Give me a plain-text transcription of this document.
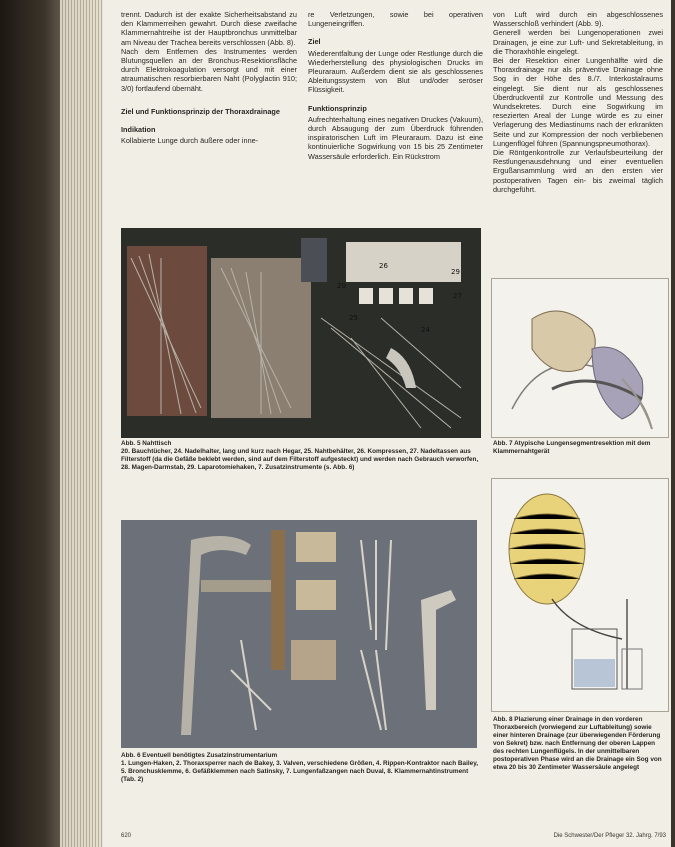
trennt. Dadurch ist der exakte Sicherheitsabstand zu den Klammerreihen gewahrt. Durch diese zweifache Klammernahtreihe ist der Hauptbronchus unmittelbar am Niveau der Trachea bereits verschlossen (Abb. 8).

Nach dem Entfernen des Instrumentes werden Blutungsquellen an der Bronchus-Resektionsfläche durch Elektrokoagulation versorgt und mit einer atraumatischen resorbierbaren Naht (Polyglactin 910; 3/0) fortlaufend übernäht.

Ziel und Funktionsprinzip der Thoraxdrainage

Indikation

Kollabierte Lunge durch äußere oder inne-

re Verletzungen, sowie bei operativen Lungeneingriffen.

Ziel

Wiederentfaltung der Lunge oder Restlunge durch die Wiederherstellung des physiologischen Drucks im Pleuraraum. Außerdem dient sie als geschlossenes Ableitungssystem von Blut und/oder seröser Flüssigkeit.

Funktionsprinzip

Aufrechterhaltung eines negativen Druckes (Vakuum), durch Absaugung der zum Überdruck führenden inspiratorischen Luft im Pleuraraum. Dazu ist eine kontinuierliche Sogwirkung von 15 bis 25 Zentimeter Wassersäule erforderlich. Ein Rückstrom

von Luft wird durch ein abgeschlossenes Wasserschloß verhindert (Abb. 9).

Generell werden bei Lungenoperationen zwei Drainagen, je eine zur Luft- und Sekretableitung, in die Thoraxhöhle eingelegt.

Bei der Resektion einer Lungenhälfte wird die Thoraxdrainage nur als präventive Drainage ohne Sog in der Höhe des 8./7. Interkostalraums eingelegt. Sie dient nur als geschlossenes Überdruckventil zur Kontrolle und Messung des Wundsekretes. Durch eine Sogwirkung im resezierten Areal der Lunge würde es zu einer Verlagerung des Mediastinums nach der erkrankten Seite und zur Kompression der noch verbliebenen Lungenflügel führen (Spannungspneumothorax).

Die Röntgenkontrolle zur Verlaufsbeurteilung der Restlungenausdehnung und einer eventuellen Ergußansammlung wird an den ersten vier postoperativen Tagen ein- bis zweimal täglich durchgeführt.

26
29
27
25
24
20
Abb. 5 Nahttisch
20. Bauchtücher, 24. Nadelhalter, lang und kurz nach Hegar, 25. Nahtbehälter, 26. Kompressen, 27. Nadeltassen aus Filterstoff (da die Gefäße beklebt werden, sind auf dem Filterstoff aufgesteckt) und werden nach Gebrauch verworfen, 28. Magen-Darmstab, 29. Laparotomiehaken, 7. Zusatzinstrumente (s. Abb. 6)
Abb. 6 Eventuell benötigtes Zusatzinstrumentarium
1. Lungen-Haken, 2. Thoraxsperrer nach de Bakey, 3. Valven, verschiedene Größen, 4. Rippen-Kontraktor nach Bailey, 5. Bronchusklemme, 6. Gefäßklemmen nach Satinsky, 7. Lungenfaßzangen nach Duval, 8. Klammernahtinstrument (Tab. 2)
Abb. 7 Atypische Lungensegmentresektion mit dem Klammernahtgerät
Abb. 8 Plazierung einer Drainage in den vorderen Thoraxbereich (vorwiegend zur Luftableitung) sowie einer hinteren Drainage (zur überwiegenden Förderung von Sekret) bzw. nach Entfernung der oberen Lappen des rechten Lungenflügels. In der unmittelbaren postoperativen Phase wird an die Drainage ein Sog von etwa 20 bis 30 Zentimeter Wassersäule angelegt
620	Die Schwester/Der Pfleger 32. Jahrg. 7/93
